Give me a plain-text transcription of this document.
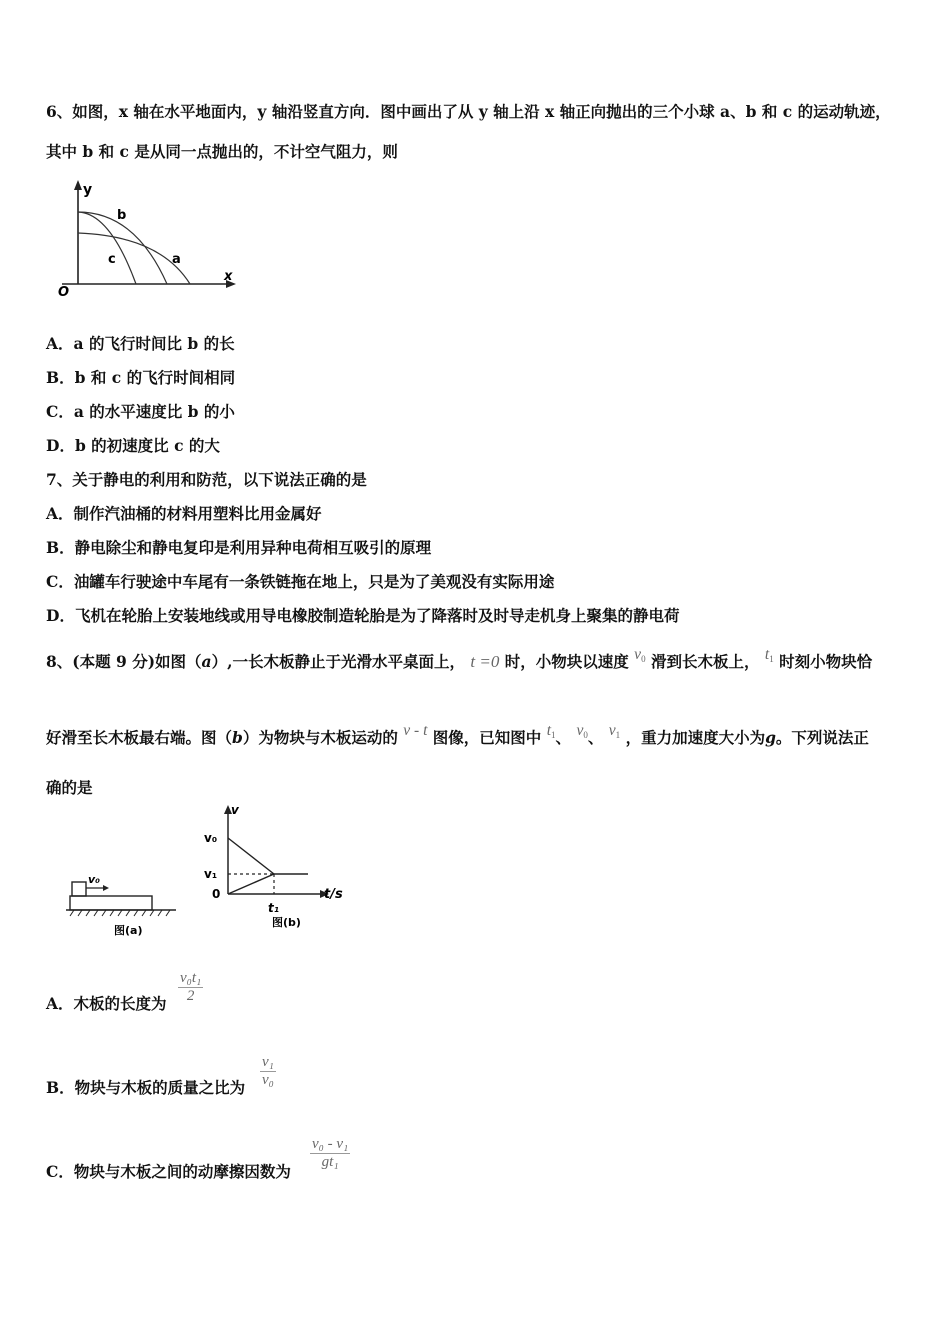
6、如图，x 轴在水平地面内，y 轴沿竖直方向．图中画出了从 y 轴上沿 x 轴正向抛出的三个小球 a、b 和 c 的运动轨迹，
其中 b 和 c 是从同一点抛出的，不计空气阻力，则
y
x
O
b
c	a
A．a 的飞行时间比 b 的长
B．b 和 c 的飞行时间相同
C．a 的水平速度比 b 的小
D．b 的初速度比 c 的大
7、关于静电的利用和防范，以下说法正确的是
A．制作汽油桶的材料用塑料比用金属好
B．静电除尘和静电复印是利用异种电荷相互吸引的原理
C．油罐车行驶途中车尾有一条铁链拖在地上，只是为了美观没有实际用途
D．飞机在轮胎上安装地线或用导电橡胶制造轮胎是为了降落时及时导走机身上聚集的静电荷
8、(本题 9 分)如图（a）,一长木板静止于光滑水平桌面上， t =0 时，小物块以速度 $v_0$ 滑到长木板上， $t_1$ 时刻小物块恰
好滑至长木板最右端。图（b）为物块与木板运动的 v - t 图像，已知图中 $t_1$、 $v_0$、 $v_1$ ，重力加速度大小为g。下列说法正
确的是
v₀
图(a)
v
v₀
v₁
0	t/s
t₁
图(b)
A．木板的长度为 $\frac{\text{v₀t₁}}{2}$
B．物块与木板的质量之比为 $\frac{\text{v₁}}{\text{v₀}}$
C．物块与木板之间的动摩擦因数为
$\frac{\text{v₀ - v₁}}{\text{gt₁}}$
